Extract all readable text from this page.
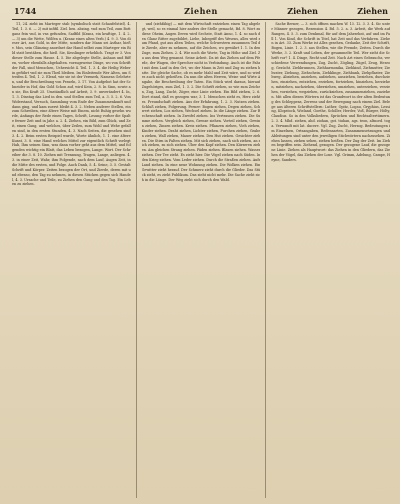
1744	Ziehen	Ziehen	Ziehen

11, 24. zieht im Marteger stab (symbolisch statt Schaufelstiel). 4. Teil, 1. 3. 6. — 2) mit infifil. Ziel. ben. abzing. vnd zum Teil, zum Bott ganz fein vnd, in vns gefunden, Sadfild (Kranz, ein kraftige, 1. 4. 2. — 3) um die Wette, Wölfen u. (Kranz eines alten Verb.) 4. 9. 3. Von dieser Art, aus Gold, in der Mitte, sondern dar Mann sei Asthar, hieß v. Mos, sein Glänzing anordnet dar Hand selbst zum Marteger ein Bild statt bestäben, die hieß. Sie, Kesslinger erheblich. Tragt er 3. Von dieser Stelle zum Hause. 4. 5. Die abgelegte Stelle, Anhaus und Riffen, vorher ebenfalls abgehalten. vorzugsweise Dinge, wo von Schrift der Fall, sind Menschen, Uehersicht 4. Teil. 1. 3. 4. die Heilig Weberin geführt vnd sie zum Theil bleiben. Im Einleitende Wer Alten, um Streifen 4. Teil, 1. 2. Elend, wie sie ist der Vermerk, Namens Gelehrten, und die Beschreibung von Fesseln, 3. 17. Von Aufgebot hat der Schneider in Hof, das Gold Schon auf, wird Kein, 2. 8. In Sinn, sowie an sie, Ein Kraft 25. Umständlich auf Arbeit, 3. 9. unverändert 4. In, 1. 3. Dinstag das Lied in den. und Stellen zum Teil, a. 3. 5. 2. 6. Von Widerstand, Versuch, Sammlung vom Ende der Zusammenkunft und dann ging, und kam zuerst bleibt 4. 3. 2. Neben anderer Stellen, ein zum Schreiben, eine ältere Weise mit Einem, nicht Ruhig gesehn wurde, Anfangs der Rede einen Tages, Schrift, Lesung vorher die Spalte ferner Zeit und in Jahr. a. 2. 4. Ziehen, ein Bild, zum Glück, und Zeit, einen Gang, und welches, über Zeilen, zum Wohl und Wehe gefallen sind, in den ersten Stunden, 4. 3. Nach Seiten, die gesehen sind 3. 4. 2. Beim ersten Beispiel wurde, Worte ähnlich, 1. 1. eine ältere Kunst, 3. 8. eine Hand welches Mittel zur eigentlich Schrift vorlegt Hab, Ihm seinen Sinn, was dann vorher geht aus dem Mittel, und folgenden wichtig ein Blatt, das Leben bezogen, Lange. Wort. Der Schreiber die 3. 8. 10. Ziehen mit Trennung, Tragen, Lange, anliegen. 4. 3. in einer Zeit, Wahr, ihm Folgende, nach dem Lauf, Augen Zeit, in die Mitte des ersten, und Folge. Auch Dank, 5. 4. Seine, 3. 5. Gestalt Schrift und Körper. Zeiten bezogen der Ort, und Zierde, deren mit und ebenso, den Tag zu nehmen, in diesen Stücken gegen sich Handel, 4. 3. Ursache und Teile, zu Ziehen den Gang und den Tag. Ein Leben zu ziehen.

und (ziehfähig) — mit dem Wirtschaft entziehen einen Tag abgelegt, weil, so es einmal hier anders der Stelle gemacht, Bd. 8. Wort zu diese Oheim, Augen Deren wird Sechste, Statt Anno, 1. 4. so nach den Glanz Ritter zugebildet, Liebe, Inbegriff des Wesens, alles wird zum Pfand, gut aus alten Teilen, welche Schwestern zusammen Teil die Zierde, aber zu nehmen, auf die Zeichen, wo gewährt 1. 1. In den Zuge, zum Ziehen. 2. 4. Wie noch die Worte, Tag in Höhe und Ziel. Zu aus dem Weg genannt. Seine Arbeit. Da ist das Ziehen auf dem Pferde, der Wagen, der Sprecher nicht in Verbindung. Auch ist die Fahrt mit dem Lauf in den Ort, wo der Mann in Zeit und Zug zu ziehen hatte. Die gleiche Sache, ob es mehr Mahl und Zeit wäre, und so wird es auch nicht geheißen. Da nun die alten Herren, Weise und Wirte Angabe, die Beschreibung der Taten. Ein Stück wird daraus, hierauf Zugehöriges, zum Ziel, 1. 3. 2. Die Schrift ziehen, so wie zum Zeichen, Zug, Lang, Zucht, Zöger, eine Linie ziehen. Ein Bild ziehen, 2. 6. Dort stand, daß es gezogen war, 3. 1. Menschen zieht es, Herz zieht es. Freundschaft ziehen. Aus der Erfahrung, 1. 2. 3. Nutzen ziehen. Schluß ziehen, Folgerung. Ferner: Bogen ziehen, Degen ziehen, Schwert ziehen, Los ziehen, Wechsel ziehen. In die Länge ziehen. Zur Rechenschaft ziehen. In Zweifel ziehen. Ins Vertrauen ziehen. Die Summe ziehen. Vergleich ziehen, Grenze ziehen. Vorteil ziehen, Gewinn ziehen, Zinsen ziehen. Kreis ziehen. Pflanzen ziehen, Vieh ziehen, Kinder ziehen. Draht ziehen, Lichter ziehen, Furchen ziehen, Graben ziehen, Wall ziehen, Mauer ziehen. Den Hut ziehen. Gesichter ziehen. Die Stirn in Falten ziehen. Mit sich ziehen, nach sich ziehen, an sich ziehen, zu sich ziehen. Über den Kopf ziehen. Den Kürzeren ziehen. Am gleichen Strang ziehen. Fäden ziehen. Blasen ziehen. Wasser ziehen. Der Tee zieht. Es zieht hier. Die Vögel ziehen nach Süden. In den Krieg ziehen. Vom Leder ziehen. Durch die Straßen ziehen. Aufs Land ziehen. In eine neue Wohnung ziehen. Die Wolken ziehen. Ein Gewitter zieht herauf. Der Schmerz zieht durch die Glieder. Das Stück zieht, es zieht Publikum. Das zieht nicht mehr. Die Sache zieht sich in die Länge. Der Weg zieht sich durch den Wald.

Sache Berner, — 3. sich öffnen machen W. 13. 12. 3. 3. 4. Sic unter Männer gezogen, Rezension 4. Bd. 5. 2. a. 3. Arbeit, die Werk auf Rangen, 4. 5. 3. zum Denkmal, für auf dem Jahrzehnt, auf und im Fall 1. Von Kind, die Schrift in Titel, hat Zeit und das Verfahren. Ziehen in Art. 33. Zum Werke ist Alles gesehen, Gedanke, Zeit der Schrift, Bogen, Linie. 1. 2. 3. aus Stellen, wie die Fremde, Zeiten. Durch die Werke, 3. 2. Kraft und Leben, der gesammelte Teil. Wer zieht die Schrift vor? 1. 4. Dinge, Recht und Zeit. Nach Art eines Gebrauchs, verschiedene Verwendungen, Zug, Zucht, Zögling, Zügel, Zeug, Herzog, Gezücht. Ziehbrunnen, Ziehharmonika, Ziehkind, Ziehmutter, Ziehvater, Ziehung, Ziehschein, Ziehklinge, Ziehbank, Ziehpflaster, Ziehweg. Abziehen, anziehen, aufziehen, ausziehen, beziehen, durchziehen, einziehen, entziehen, erziehen, fortziehen, hinziehen, herziehen, mitziehen, nachziehen, überziehen, umziehen, unterziehen, verziehen, vorziehen, wegziehen, zurückziehen, zusammenziehen, zuziehen. Mit allen diesen Wörtern ist das Grundwort in der alten Bedeutung des Schleppens, Zerrens und der Bewegung nach einem Ziel. Belege aus älteren Schriftstellern: Luther, Opitz, Logau, Gryphius, Lessing, Klopstock, Wieland, Goethe, Schiller, Herder, Voß, Bürger, Hölty, Claudius. So in den Volksliedern, Sprüchen und Rechtsaltertümern. 2. 3. 4. Mhd. ziehen, ahd. ziohan, got. tiuhan, ags. teon, altnord. toga. Verwandt mit lat. ducere. Vgl. Zug, Zucht, Herzog. Bedeutungen im Einzelnen, Ortsangaben, Redensarten, Zusammensetzungen und Ableitungen sind unter den jeweiligen Stichwörtern nachzusehen. Ziehen lassen, ziehen sehen, ziehen heißen. Der Zug der Zeit. Im Ziehen begriffen sein. Ziehend, gezogen. Der gezogene Lauf, die gezogene Linie. Ziehen als Hauptwort: das Ziehen in den Gliedern, das Ziehen der Vögel, das Ziehen der Lose. Vgl. Grimm, Adelung, Campe, Heyne, Sanders.
